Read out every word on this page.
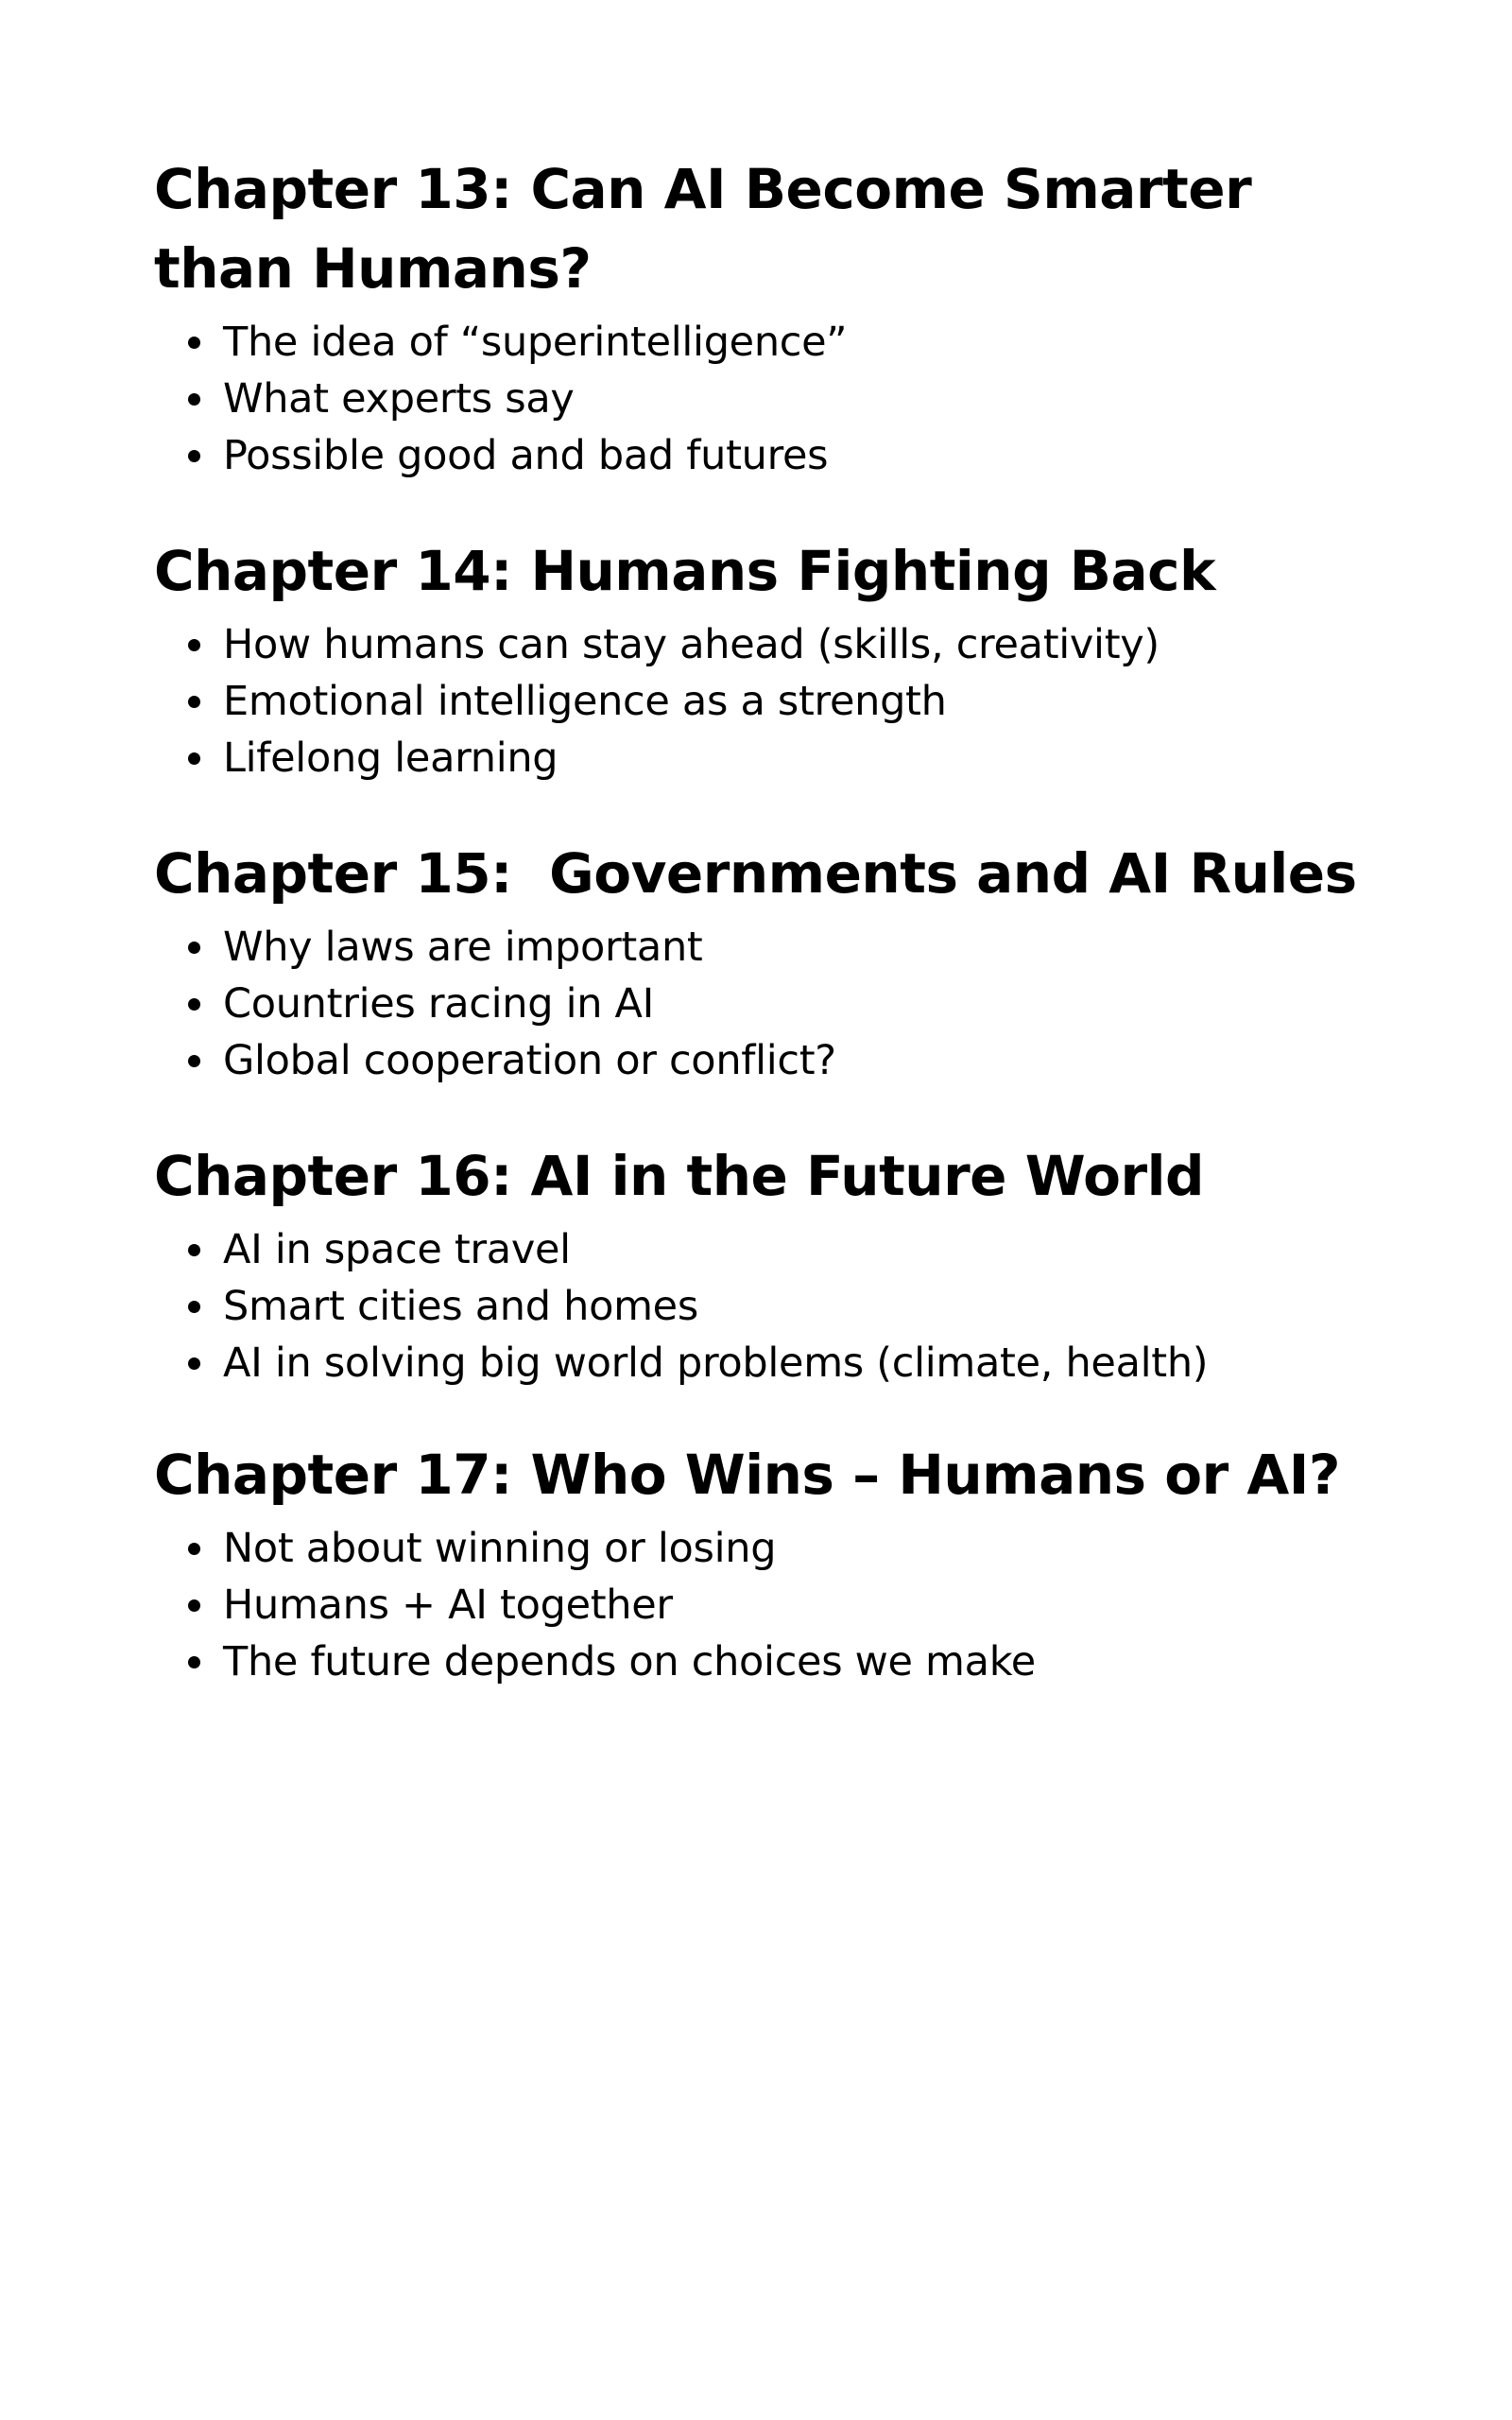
Chapter 13: Can AI Become Smarter than Humans?
The idea of “superintelligence”
What experts say
Possible good and bad futures
Chapter 14: Humans Fighting Back
How humans can stay ahead (skills, creativity)
Emotional intelligence as a strength
Lifelong learning
Chapter 15:  Governments and AI Rules
Why laws are important
Countries racing in AI
Global cooperation or conflict?
Chapter 16: AI in the Future World
AI in space travel
Smart cities and homes
AI in solving big world problems (climate, health)
Chapter 17: Who Wins – Humans or AI?
Not about winning or losing
Humans + AI together
The future depends on choices we make
